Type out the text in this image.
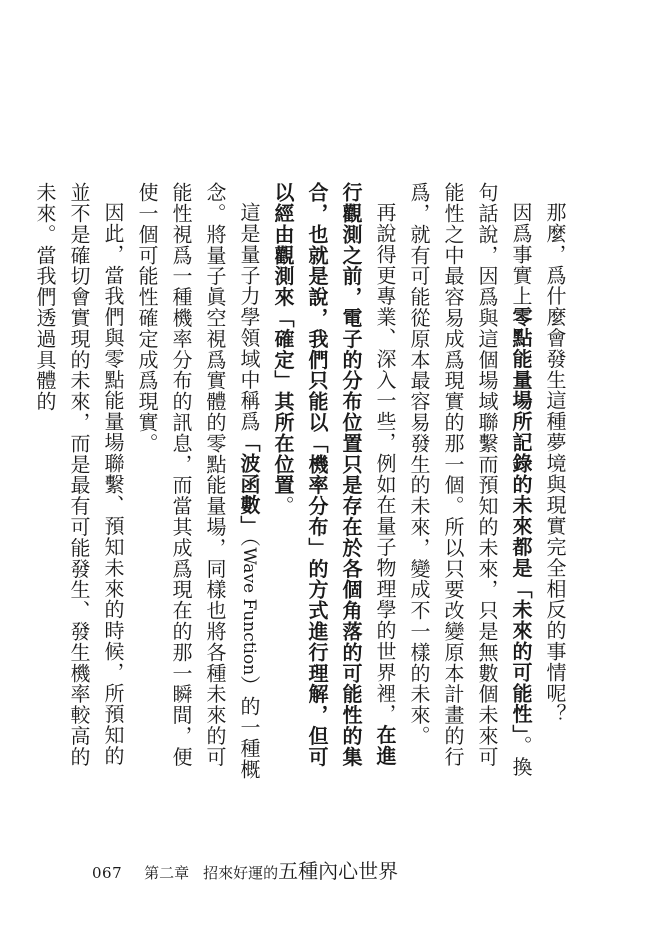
那麼，爲什麼會發生這種夢境與現實完全相反的事情呢？

因爲事實上零點能量場所記錄的未來都是「未來的可能性」。換句話說，因爲與這個場域聯繫而預知的未來，只是無數個未來可能性之中最容易成爲現實的那一個。所以只要改變原本計畫的行爲，就有可能從原本最容易發生的未來，變成不一樣的未來。

再說得更專業、深入一些，例如在量子物理學的世界裡，在進行觀測之前，電子的分布位置只是存在於各個角落的可能性的集合，也就是說，我們只能以「機率分布」的方式進行理解，但可以經由觀測來「確定」其所在位置。

這是量子力學領域中稱爲「波函數」（Wave Function）的一種概念。將量子眞空視爲實體的零點能量場，同樣也將各種未來的可能性視爲一種機率分布的訊息，而當其成爲現在的那一瞬間，便使一個可能性確定成爲現實。

因此，當我們與零點能量場聯繫、預知未來的時候，所預知的並不是確切會實現的未來，而是最有可能發生、發生機率較高的未來。當我們透過具體的

067 第二章 招來好運的 五種內心世界
